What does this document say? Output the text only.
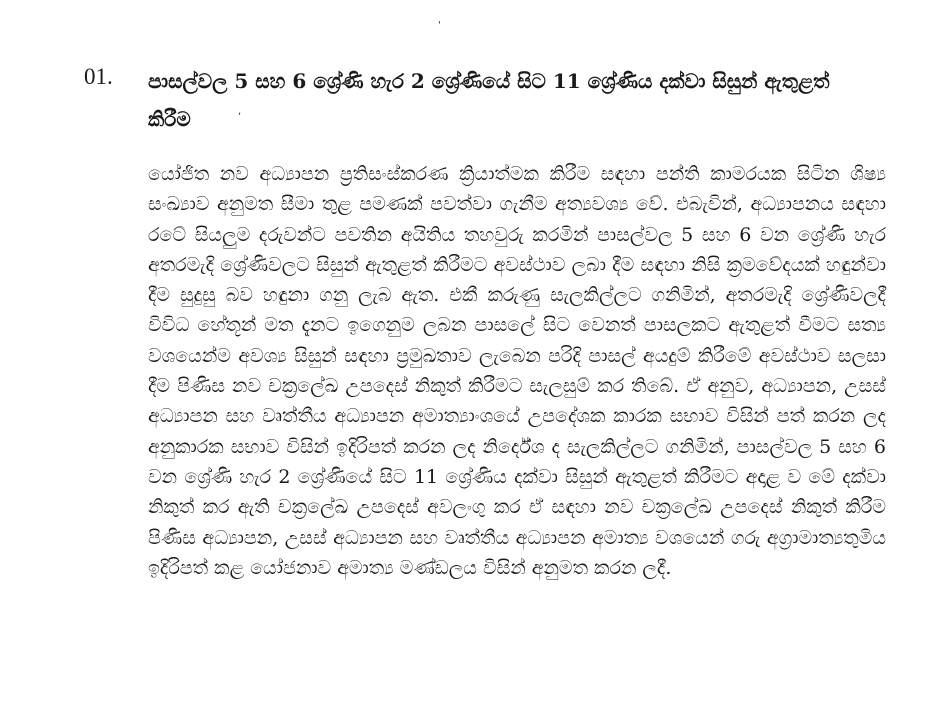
'
01. පාසල්වල 5 සහ 6 ශ්‍රේණි හැර 2 ශ්‍රේණියේ සිට 11 ශ්‍රේණිය දක්වා සිසුන් ඇතුළත් කිරීම	,
යෝජිත නව අධ්‍යාපන ප්‍රතිසංස්කරණ ක්‍රියාත්මක කිරීම සඳහා පන්ති කාමරයක සිටින ශිෂ්‍ය සංඛ්‍යාව අනුමත සීමා තුළ පමණක් පවත්වා ගැනීම අත්‍යවශ්‍ය වේ. එබැවින්, අධ්‍යාපනය සඳහා රටේ සියලුම දරුවන්ට පවතින අයිතිය තහවුරු කරමින් පාසල්වල 5 සහ 6 වන ශ්‍රේණි හැර අතරමැදි ශ්‍රේණිවලට සිසුන් ඇතුළත් කිරීමට අවස්ථාව ලබා දීම සඳහා නිසි ක්‍රමවේදයක් හඳුන්වා දීම සුදුසු බව හඳුනා ගනු ලැබ ඇත. එකී කරුණු සැලකිල්ලට ගනිමින්, අතරමැදි ශ්‍රේණිවලදී විවිධ හේතූන් මත දැනට ඉගෙනුම ලබන පාසලේ සිට වෙනත් පාසලකට ඇතුළත් වීමට සත්‍ය වශයෙන්ම අවශ්‍ය සිසුන් සඳහා ප්‍රමුඛතාව ලැබෙන පරිදි පාසල් අයදුම් කිරීමේ අවස්ථාව සලසා දීම පිණිස නව චක්‍රලේඛ උපදෙස් නිකුත් කිරීමට සැලසුම් කර තිබේ. ඒ අනුව, අධ්‍යාපන, උසස් අධ්‍යාපන සහ වෘත්තීය අධ්‍යාපන අමාත්‍යාංශයේ උපදේශක කාරක සභාව විසින් පත් කරන ලද අනුකාරක සභාව විසින් ඉදිරිපත් කරන ලද නිර්දේශ ද සැලකිල්ලට ගනිමින්, පාසල්වල 5 සහ 6 වන ශ්‍රේණි හැර 2 ශ්‍රේණියේ සිට 11 ශ්‍රේණිය දක්වා සිසුන් ඇතුළත් කිරීමට අදාළ ව මේ දක්වා නිකුත් කර ඇති චක්‍රලේඛ උපදෙස් අවලංගු කර ඒ සඳහා නව චක්‍රලේඛ උපදෙස් නිකුත් කිරීම පිණිස අධ්‍යාපන, උසස් අධ්‍යාපන සහ වෘත්තීය අධ්‍යාපන අමාත්‍ය වශයෙන් ගරු අග්‍රාමාත්‍යතුමිය ඉදිරිපත් කළ යෝජනාව අමාත්‍ය මණ්ඩලය විසින් අනුමත කරන ලදී.
